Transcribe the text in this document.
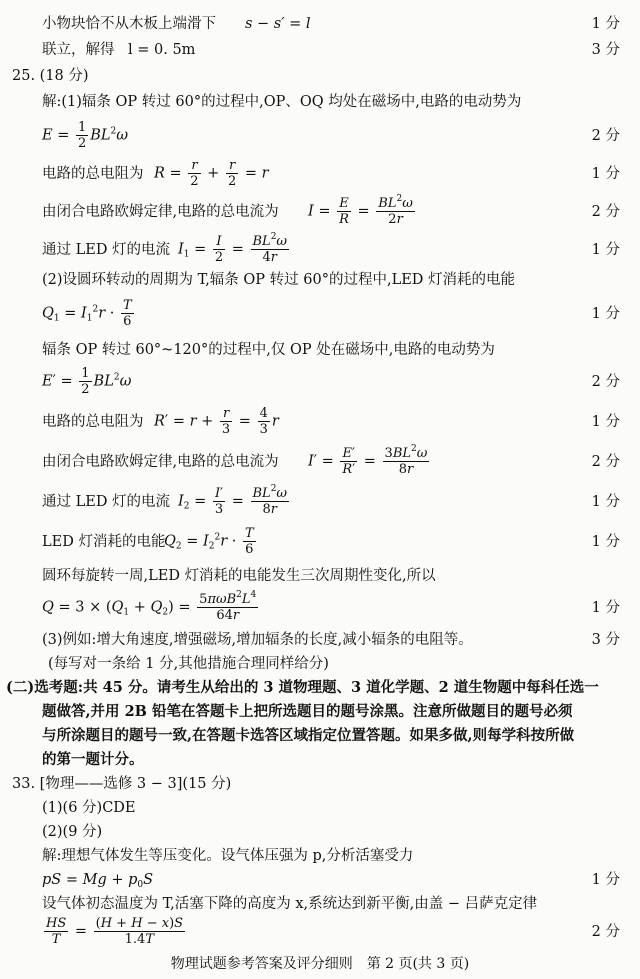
小物块恰不从木板上端滑下 s − s′ = l	1 分
联立，解得 l = 0. 5m	3 分
25. (18 分)
解:(1)辐条 OP 转过 60°的过程中,OP、OQ 均处在磁场中,电路的电动势为
$E = \frac{1}{2} BL^2\omega$	2 分
电路的总电阻为 $R = \frac{r}{2} + \frac{r}{2} = r$	1 分
由闭合电路欧姆定律,电路的总电流为 $I = \frac{E}{R} = \frac{BL^2\omega}{2r}$	2 分
通过 LED 灯的电流 $I_1 = \frac{I}{2} = \frac{BL^2\omega}{4r}$	1 分
(2)设圆环转动的周期为 T,辐条 OP 转过 60°的过程中,LED 灯消耗的电能
$Q_1 = I_1^2r \cdot \frac{T}{6}$	1 分
辐条 OP 转过 60°~120°的过程中,仅 OP 处在磁场中,电路的电动势为
$E' = \frac{1}{2} BL^2\omega$	2 分
电路的总电阻为 $R' = r + \frac{r}{3} = \frac{4}{3}$ r	1 分
由闭合电路欧姆定律,电路的总电流为 $I' = \frac{E'}{R'} = \frac{3BL^2\omega}{8r}$	2 分
通过 LED 灯的电流 $I_2 = \frac{I'}{3} = \frac{BL^2\omega}{8r}$	1 分
LED 灯消耗的电能
$Q_2 = I_2^2r \cdot \frac{T}{6}$	1 分
圆环每旋转一周,LED 灯消耗的电能发生三次周期性变化,所以
$Q = 3 \times (Q_1 + Q_2) = \frac{5\pi\omega B^2L^4}{64r}$	1 分
(3)例如:增大角速度,增强磁场,增加辐条的长度,减小辐条的电阻等。	3 分
(每写对一条给 1 分,其他措施合理同样给分)
(二)选考题:共 45 分。请考生从给出的 3 道物理题、3 道化学题、2 道生物题中每科任选一
题做答,并用 2B 铅笔在答题卡上把所选题目的题号涂黑。注意所做题目的题号必须
与所涂题目的题号一致,在答题卡选答区域指定位置答题。如果多做,则每学科按所做
的第一题计分。
33. [物理——选修 3 − 3](15 分)
(1)(6 分)CDE
(2)(9 分)
解:理想气体发生等压变化。设气体压强为 p,分析活塞受力
pS = $Mg + p_0S$	1 分
设气体初态温度为 T,活塞下降的高度为 x,系统达到新平衡,由盖 − 吕萨克定律
$\frac{HS}{T} = \frac{(H + H - x)S}{1.4T}$	2 分
物理试题参考答案及评分细则　第 2 页(共 3 页)
